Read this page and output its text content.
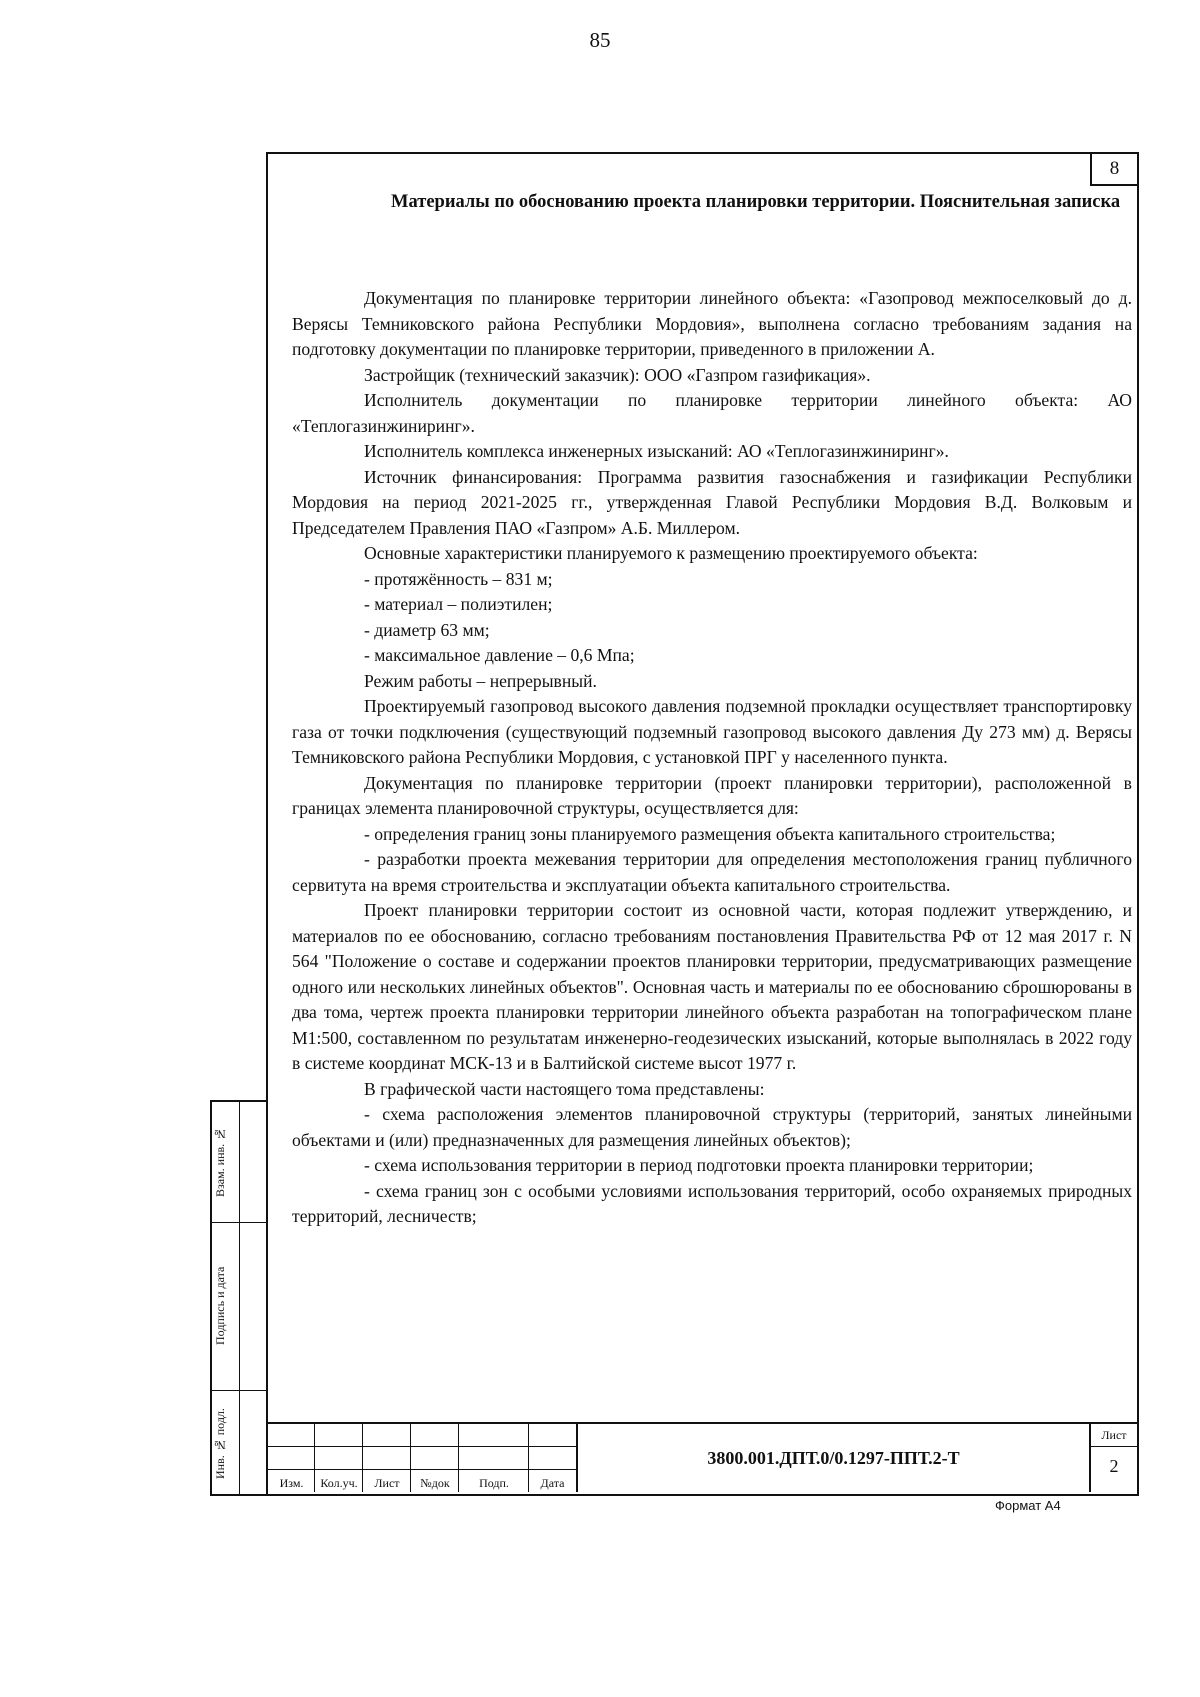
85
Взам. инв. №
Подпись и дата
Инв. № подл.
8
Материалы по обоснованию проекта планировки территории. Пояснительная записка

Документация по планировке территории линейного объекта: «Газопровод межпоселковый до д. Верясы Темниковского района Республики Мордовия», выполнена согласно требованиям задания на подготовку документации по планировке территории, приведенного в приложении А.

Застройщик (технический заказчик): ООО «Газпром газификация».

Исполнитель документации по планировке территории линейного объекта: АО «Теплогазинжиниринг».

Исполнитель комплекса инженерных изысканий: АО «Теплогазинжиниринг».

Источник финансирования: Программа развития газоснабжения и газификации Республики Мордовия на период 2021-2025 гг., утвержденная Главой Республики Мордовия В.Д. Волковым и Председателем Правления ПАО «Газпром» А.Б. Миллером.

Основные характеристики планируемого к размещению проектируемого объекта:

- протяжённость – 831 м;

- материал – полиэтилен;

- диаметр 63 мм;

- максимальное давление – 0,6 Мпа;

Режим работы – непрерывный.

Проектируемый газопровод высокого давления подземной прокладки осуществляет транспортировку газа от точки подключения (существующий подземный газопровод высокого давления Ду 273 мм) д. Верясы Темниковского района Республики Мордовия, с установкой ПРГ у населенного пункта.

Документация по планировке территории (проект планировки территории), расположенной в границах элемента планировочной структуры, осуществляется для:

- определения границ зоны планируемого размещения объекта капитального строительства;

- разработки проекта межевания территории для определения местоположения границ публичного сервитута на время строительства и эксплуатации объекта капитального строительства.

Проект планировки территории состоит из основной части, которая подлежит утверждению, и материалов по ее обоснованию, согласно требованиям постановления Правительства РФ от 12 мая 2017 г. N 564 "Положение о составе и содержании проектов планировки территории, предусматривающих размещение одного или нескольких линейных объектов". Основная часть и материалы по ее обоснованию сброшюрованы в два тома, чертеж проекта планировки территории линейного объекта разработан на топографическом плане М1:500, составленном по результатам инженерно-геодезических изысканий, которые выполнялась в 2022 году в системе координат МСК-13 и в Балтийской системе высот 1977 г.

В графической части настоящего тома представлены:

- схема расположения элементов планировочной структуры (территорий, занятых линейными объектами и (или) предназначенных для размещения линейных объектов);

- схема использования территории в период подготовки проекта планировки территории;

- схема границ зон с особыми условиями использования территорий, особо охраняемых природных территорий, лесничеств;

Изм.	Кол.уч.	Лист	№док	Подп.	Дата
3800.001.ДПТ.0/0.1297-ППТ.2-Т
Лист
2
Формат А4
